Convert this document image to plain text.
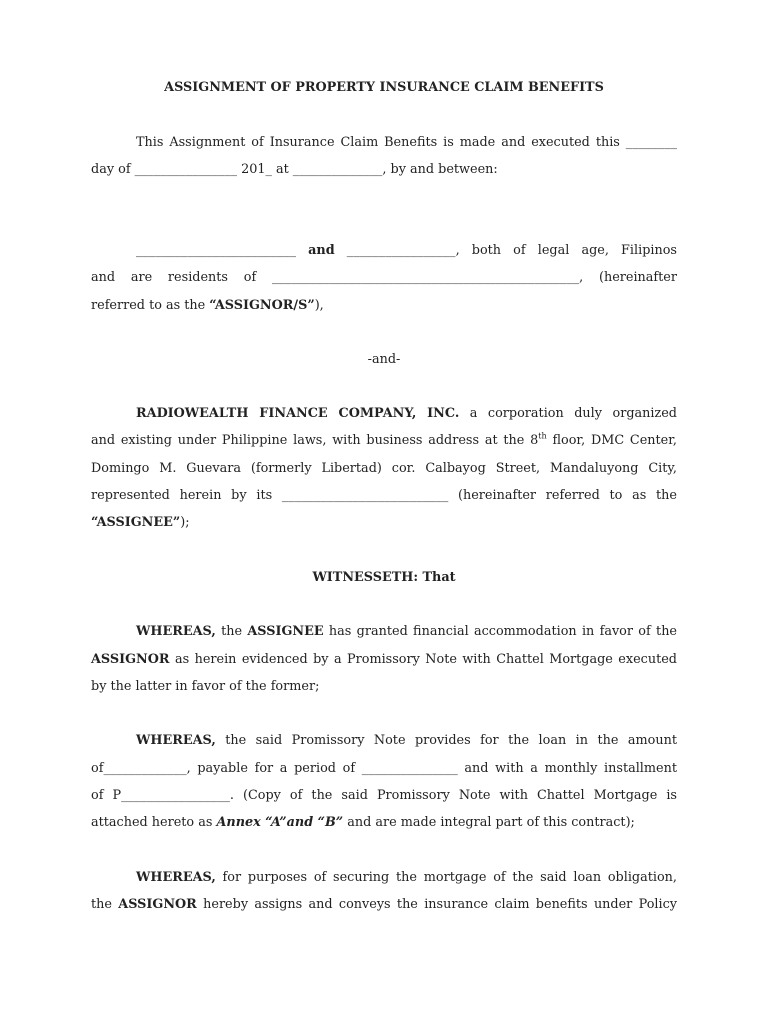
ASSIGNMENT OF PROPERTY INSURANCE CLAIM BENEFITS
This Assignment of Insurance Claim Benefits is made and executed this ________
day of ________________ 201_ at ______________, by and between:
_________________________ and _________________, both of legal age, Filipinos
and are residents of ________________________________________________, (hereinafter
referred to as the “ASSIGNOR/S”),
-and-
RADIOWEALTH FINANCE COMPANY, INC. a corporation duly organized
and existing under Philippine laws, with business address at the 8th floor, DMC Center,
Domingo M. Guevara (formerly Libertad) cor. Calbayog Street, Mandaluyong City,
represented herein by its __________________________ (hereinafter referred to as the
“ASSIGNEE”);
WITNESSETH: That
WHEREAS, the ASSIGNEE has granted financial accommodation in favor of the
ASSIGNOR as herein evidenced by a Promissory Note with Chattel Mortgage executed
by the latter in favor of the former;
WHEREAS, the said Promissory Note provides for the loan in the amount
of_____________, payable for a period of _______________ and with a monthly installment
of P_________________. (Copy of the said Promissory Note with Chattel Mortgage is
attached hereto as Annex “A”and “B” and are made integral part of this contract);
WHEREAS, for purposes of securing the mortgage of the said loan obligation,
the ASSIGNOR hereby assigns and conveys the insurance claim benefits under Policy
